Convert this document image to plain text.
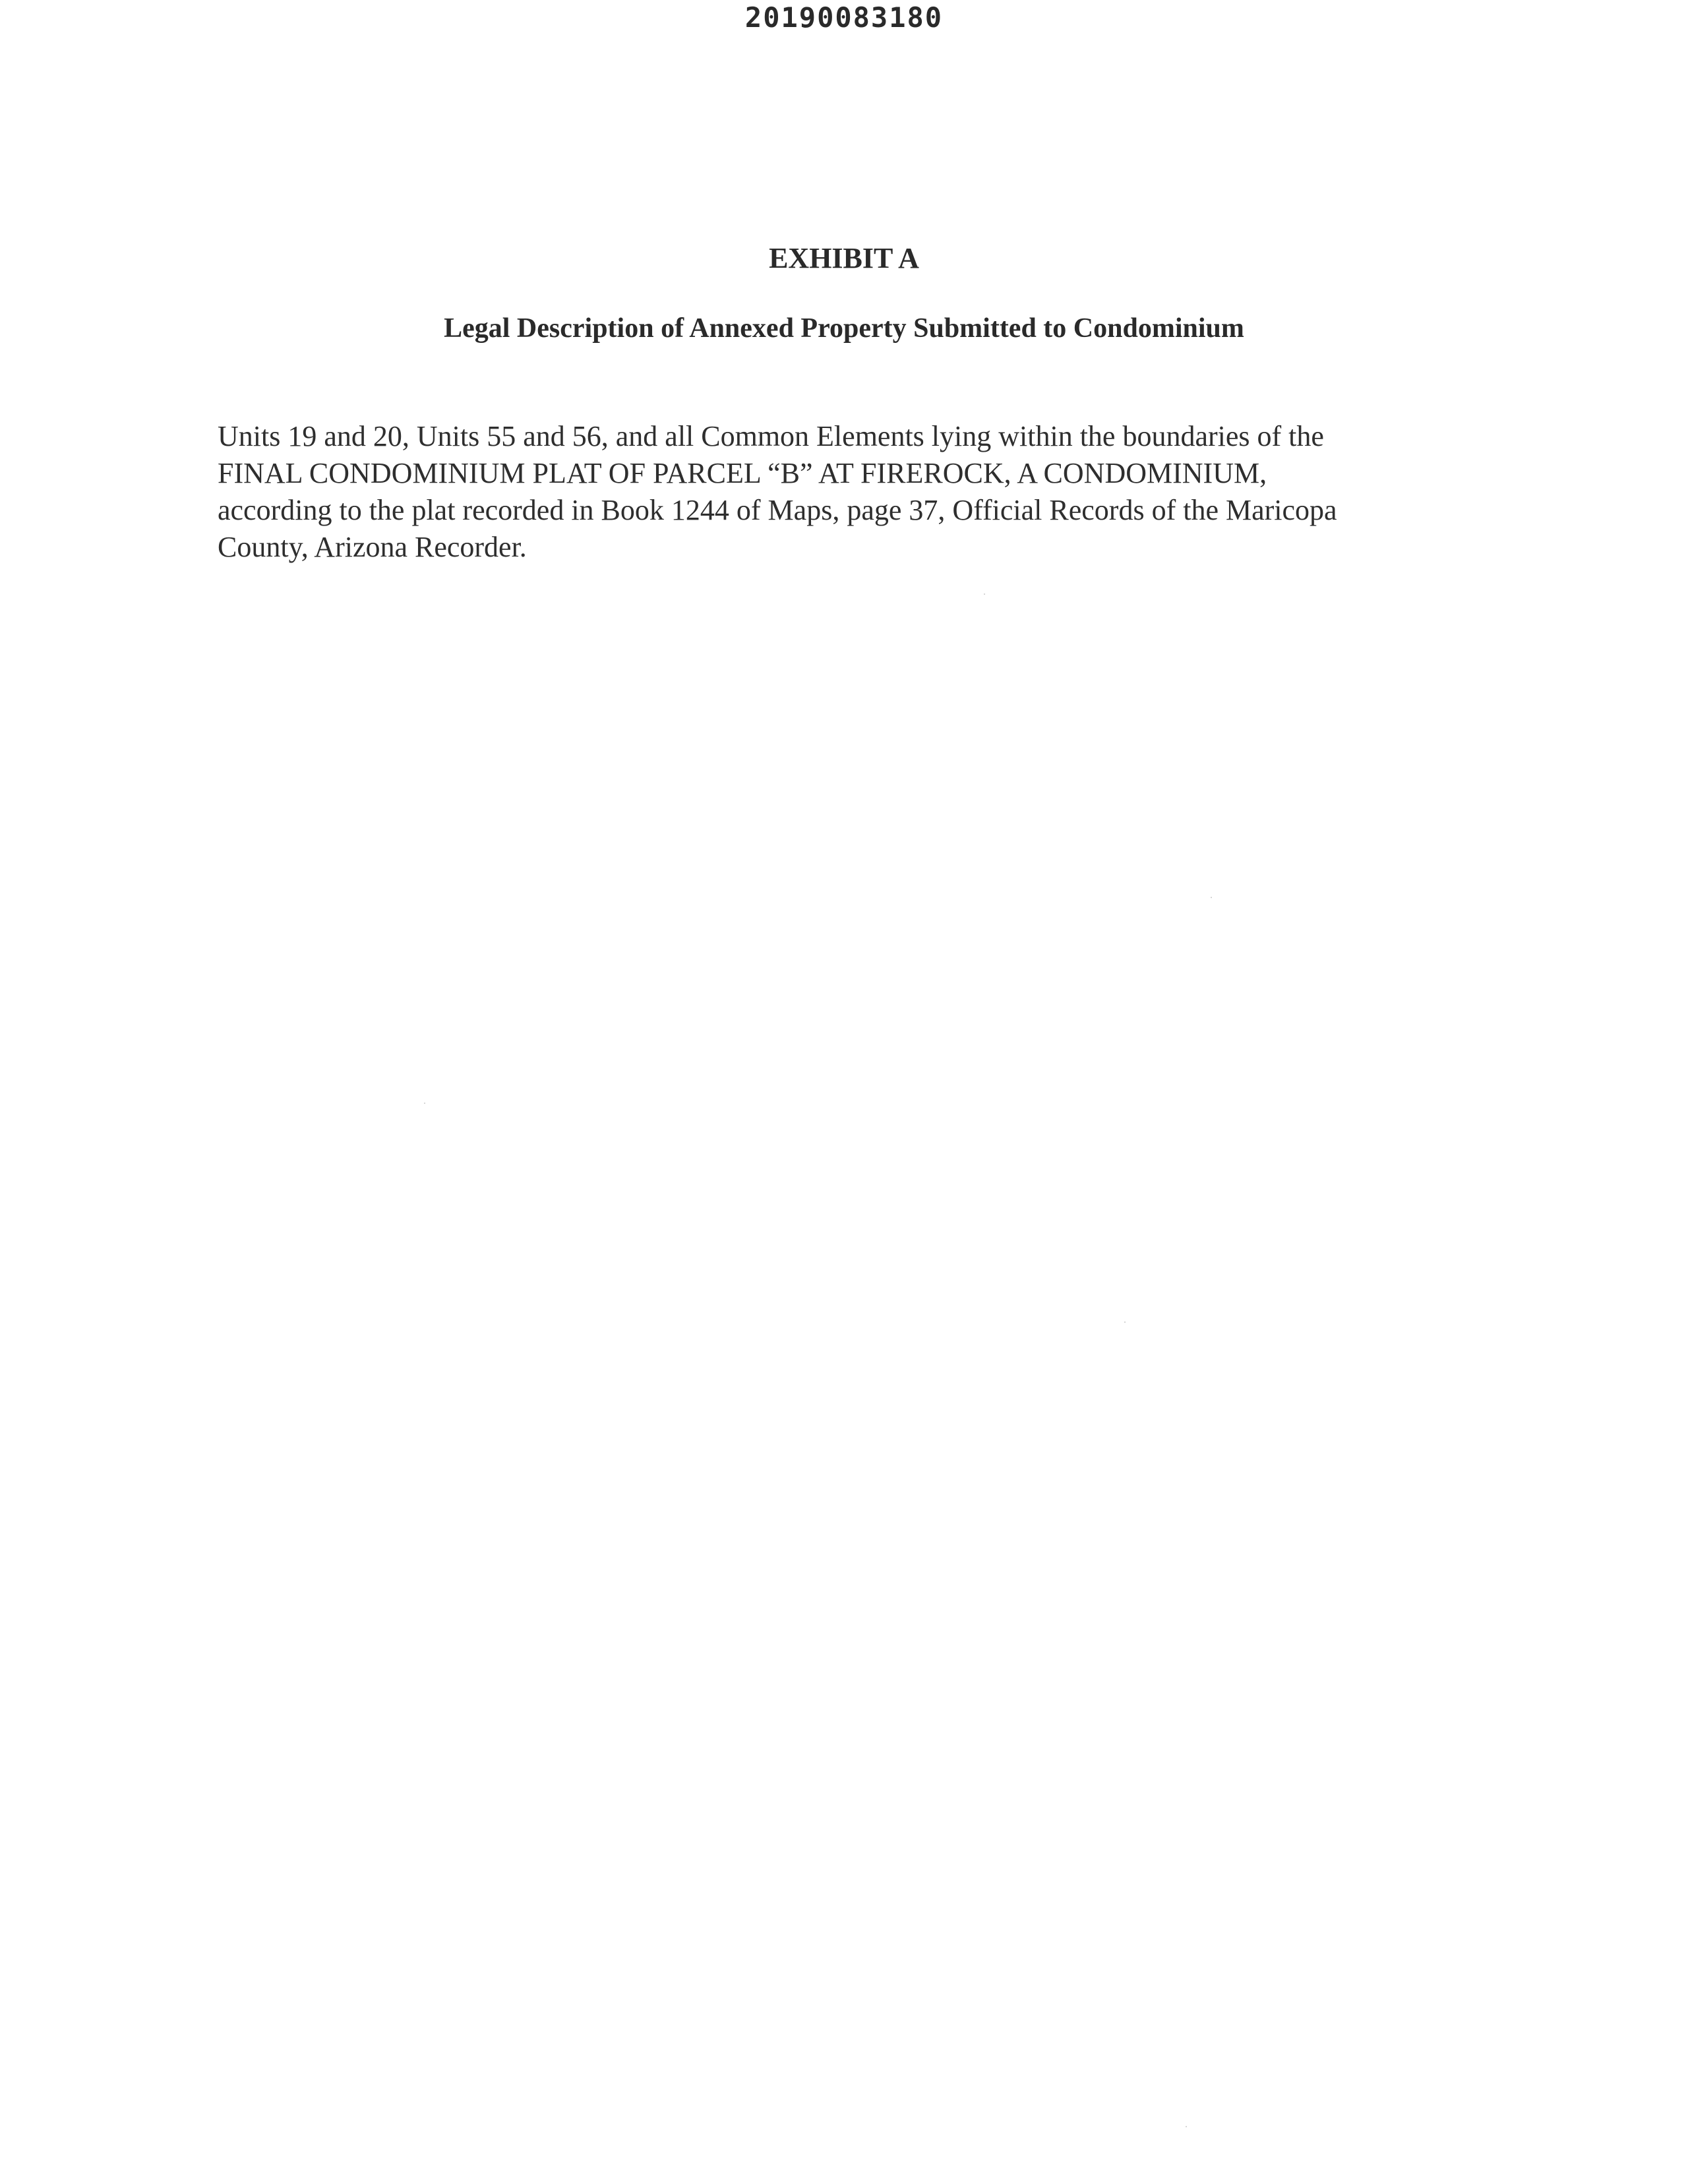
20190083180
EXHIBIT A
Legal Description of Annexed Property Submitted to Condominium
Units 19 and 20, Units 55 and 56, and all Common Elements lying within the boundaries of the
FINAL CONDOMINIUM PLAT OF PARCEL “B” AT FIREROCK, A CONDOMINIUM,
according to the plat recorded in Book 1244 of Maps, page 37, Official Records of the Maricopa
County, Arizona Recorder.
